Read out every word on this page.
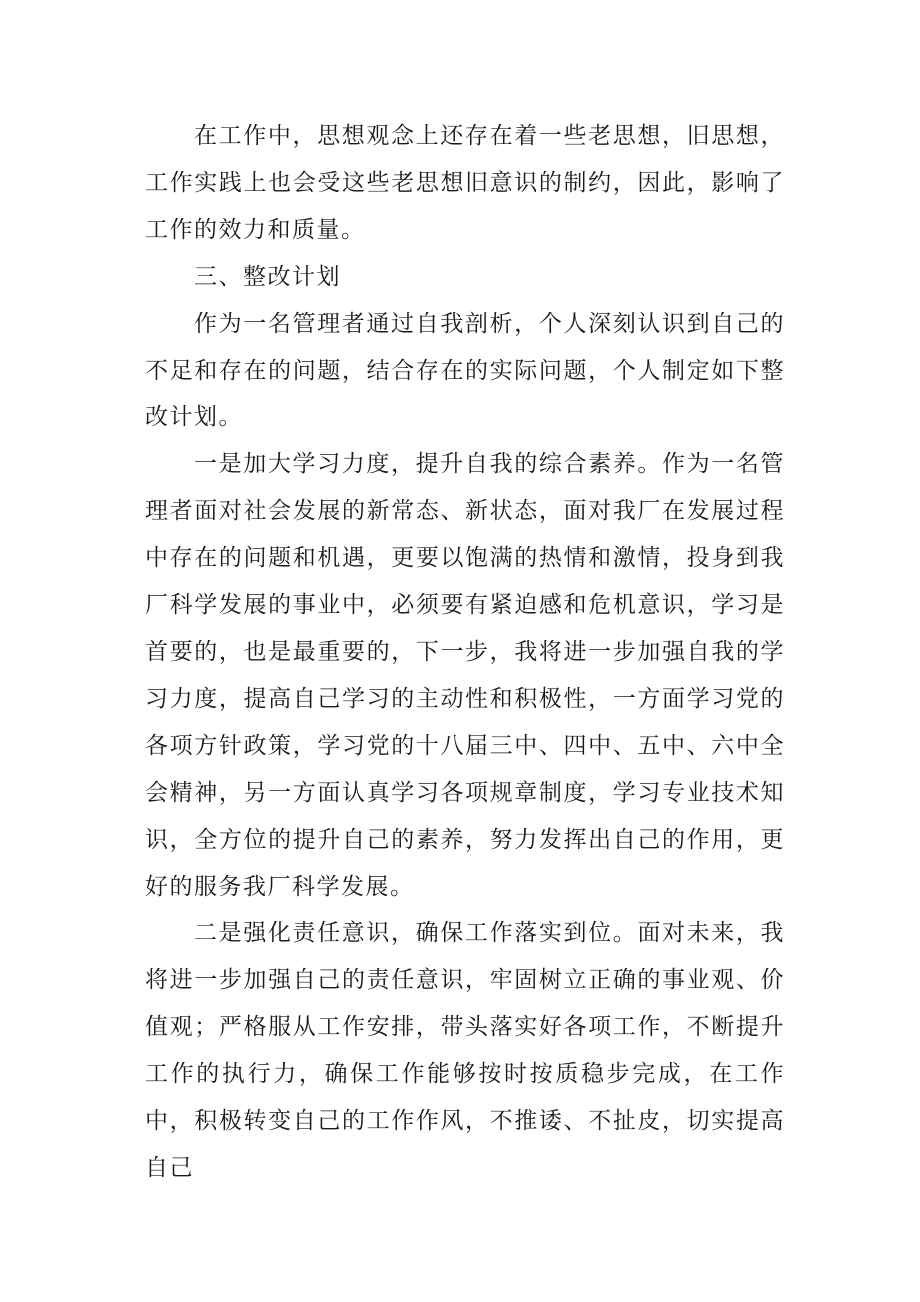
在工作中，思想观念上还存在着一些老思想，旧思想，工作实践上也会受这些老思想旧意识的制约，因此，影响了工作的效力和质量。

三、整改计划

作为一名管理者通过自我剖析，个人深刻认识到自己的不足和存在的问题，结合存在的实际问题，个人制定如下整改计划。

一是加大学习力度，提升自我的综合素养。作为一名管理者面对社会发展的新常态、新状态，面对我厂在发展过程中存在的问题和机遇，更要以饱满的热情和激情，投身到我厂科学发展的事业中，必须要有紧迫感和危机意识，学习是首要的，也是最重要的，下一步，我将进一步加强自我的学习力度，提高自己学习的主动性和积极性，一方面学习党的各项方针政策，学习党的十八届三中、四中、五中、六中全会精神，另一方面认真学习各项规章制度，学习专业技术知识，全方位的提升自己的素养，努力发挥出自己的作用，更好的服务我厂科学发展。

二是强化责任意识，确保工作落实到位。面对未来，我将进一步加强自己的责任意识，牢固树立正确的事业观、价值观；严格服从工作安排，带头落实好各项工作，不断提升工作的执行力，确保工作能够按时按质稳步完成，在工作中，积极转变自己的工作作风，不推诿、不扯皮，切实提高自己
